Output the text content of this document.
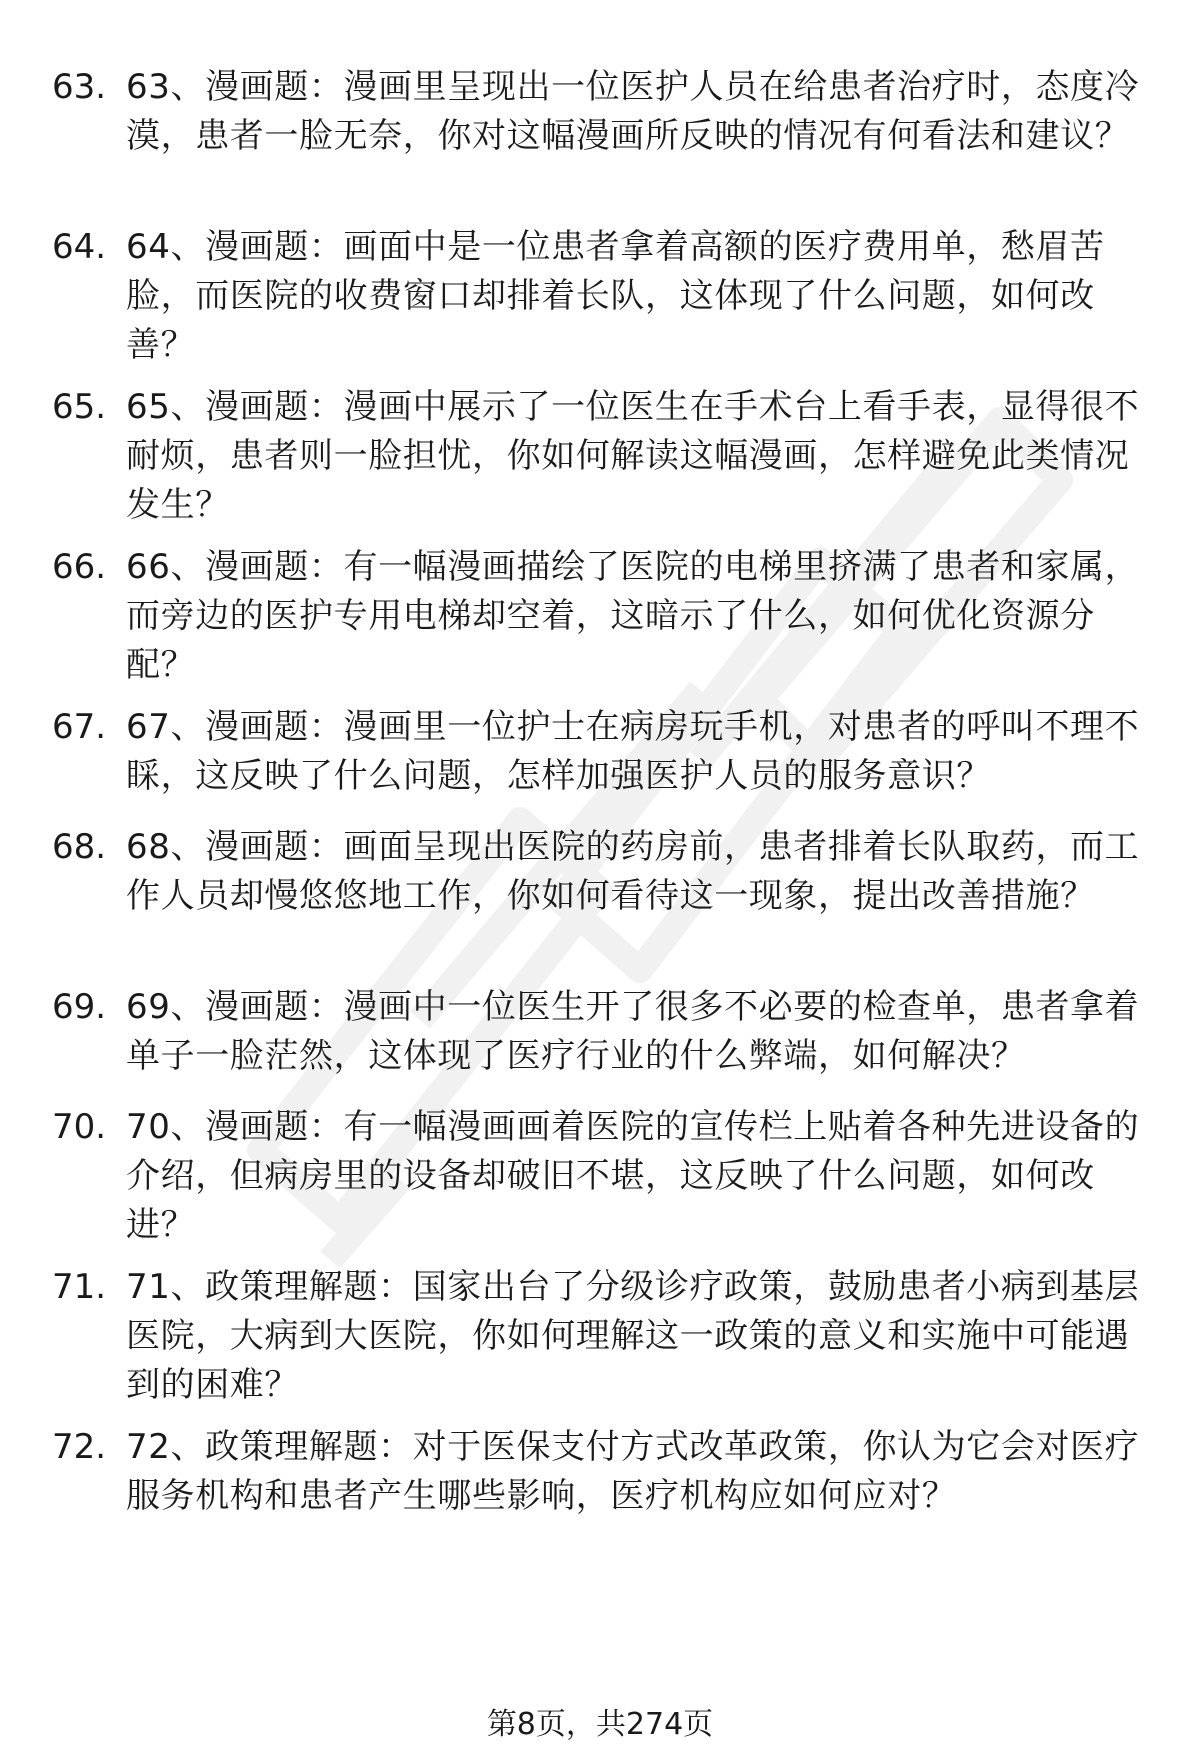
63. 63、漫画题：漫画里呈现出一位医护人员在给患者治疗时，态度冷漠，患者一脸无奈，你对这幅漫画所反映的情况有何看法和建议？
64. 64、漫画题：画面中是一位患者拿着高额的医疗费用单，愁眉苦脸，而医院的收费窗口却排着长队，这体现了什么问题，如何改善？
65. 65、漫画题：漫画中展示了一位医生在手术台上看手表，显得很不耐烦，患者则一脸担忧，你如何解读这幅漫画，怎样避免此类情况发生？
66. 66、漫画题：有一幅漫画描绘了医院的电梯里挤满了患者和家属，而旁边的医护专用电梯却空着，这暗示了什么，如何优化资源分配？
67. 67、漫画题：漫画里一位护士在病房玩手机，对患者的呼叫不理不睬，这反映了什么问题，怎样加强医护人员的服务意识？
68. 68、漫画题：画面呈现出医院的药房前，患者排着长队取药，而工作人员却慢悠悠地工作，你如何看待这一现象，提出改善措施？
69. 69、漫画题：漫画中一位医生开了很多不必要的检查单，患者拿着单子一脸茫然，这体现了医疗行业的什么弊端，如何解决？
70. 70、漫画题：有一幅漫画画着医院的宣传栏上贴着各种先进设备的介绍，但病房里的设备却破旧不堪，这反映了什么问题，如何改进？
71. 71、政策理解题：国家出台了分级诊疗政策，鼓励患者小病到基层医院，大病到大医院，你如何理解这一政策的意义和实施中可能遇到的困难？
72. 72、政策理解题：对于医保支付方式改革政策，你认为它会对医疗服务机构和患者产生哪些影响，医疗机构应如何应对？
第8页，共274页
